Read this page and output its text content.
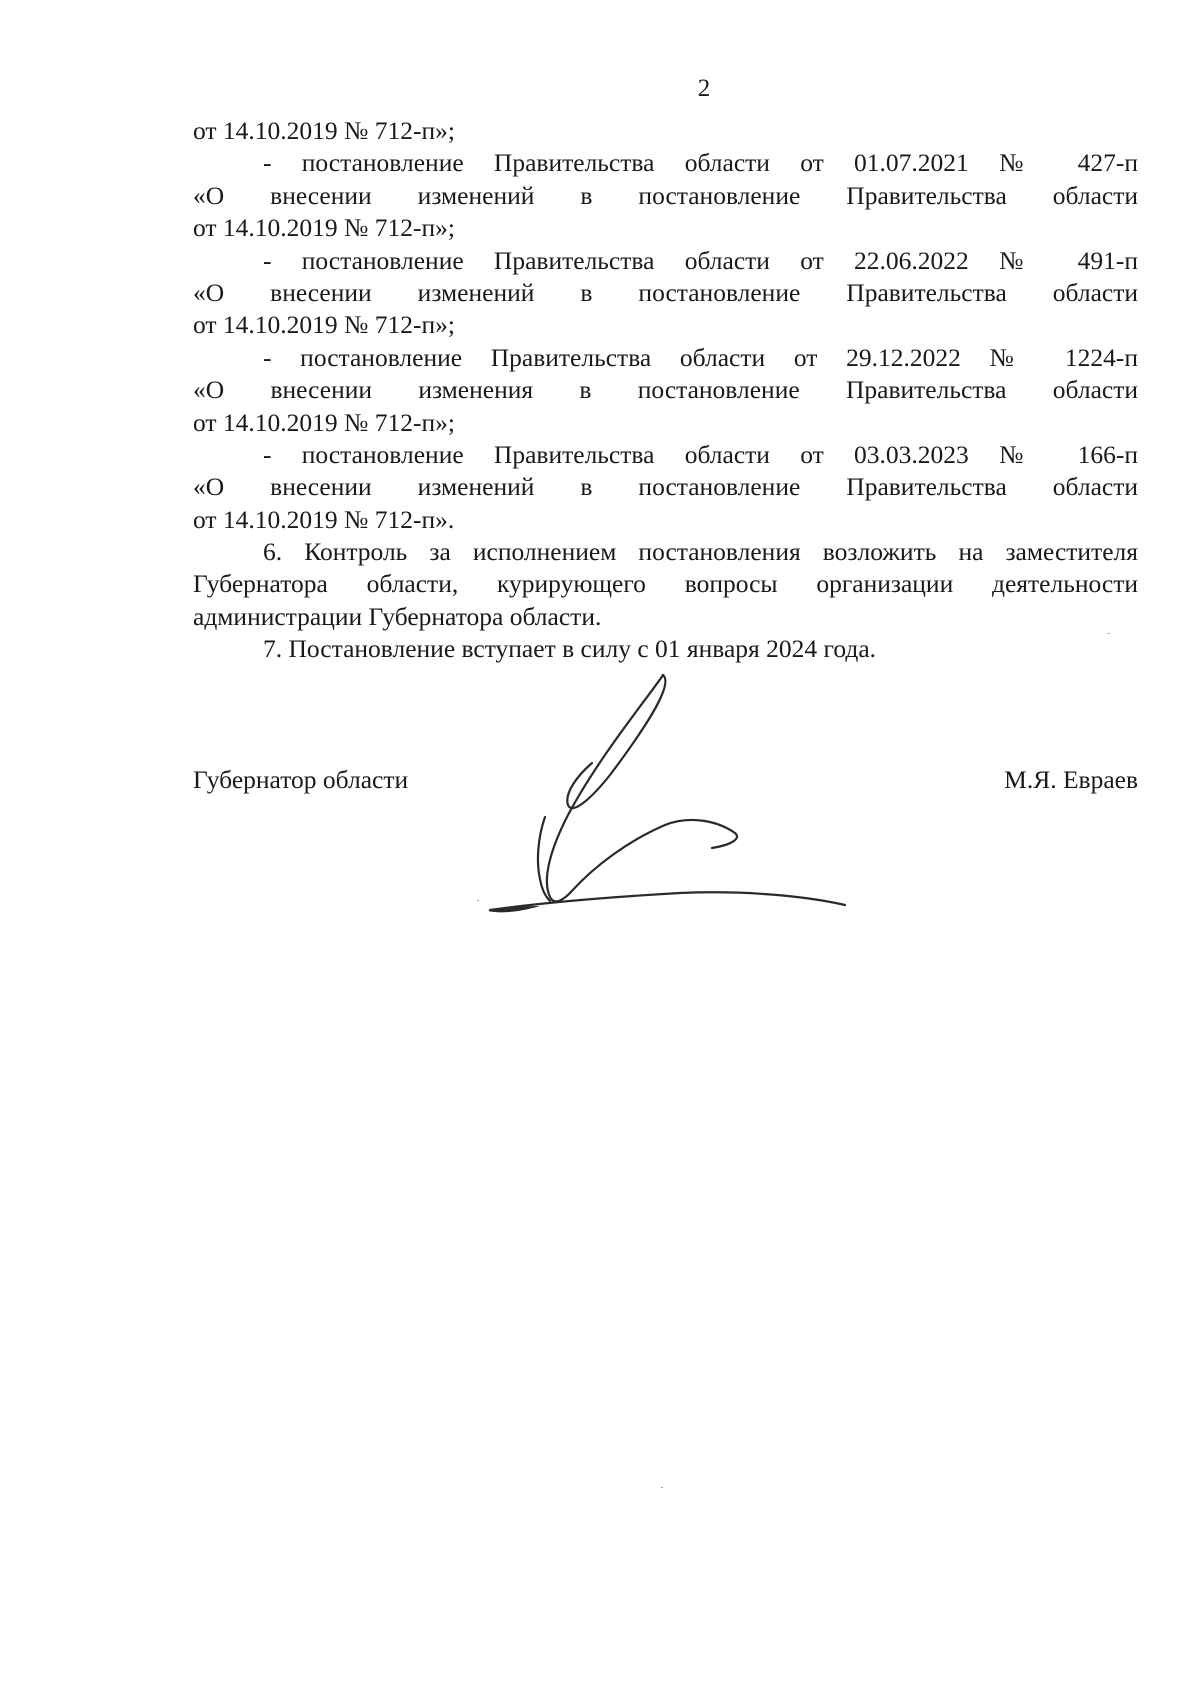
2
от 14.10.2019 № 712-п»;
- постановление Правительства области от 01.07.2021 № 427-п
«О внесении изменений в постановление Правительства области
от 14.10.2019 № 712-п»;
- постановление Правительства области от 22.06.2022 № 491-п
«О внесении изменений в постановление Правительства области
от 14.10.2019 № 712-п»;
- постановление Правительства области от 29.12.2022 № 1224-п
«О внесении изменения в постановление Правительства области
от 14.10.2019 № 712-п»;
- постановление Правительства области от 03.03.2023 № 166-п
«О внесении изменений в постановление Правительства области
от 14.10.2019 № 712-п».
6. Контроль за исполнением постановления возложить на заместителя
Губернатора области, курирующего вопросы организации деятельности
администрации Губернатора области.
7. Постановление вступает в силу с 01 января 2024 года.
Губернатор области	М.Я. Евраев
